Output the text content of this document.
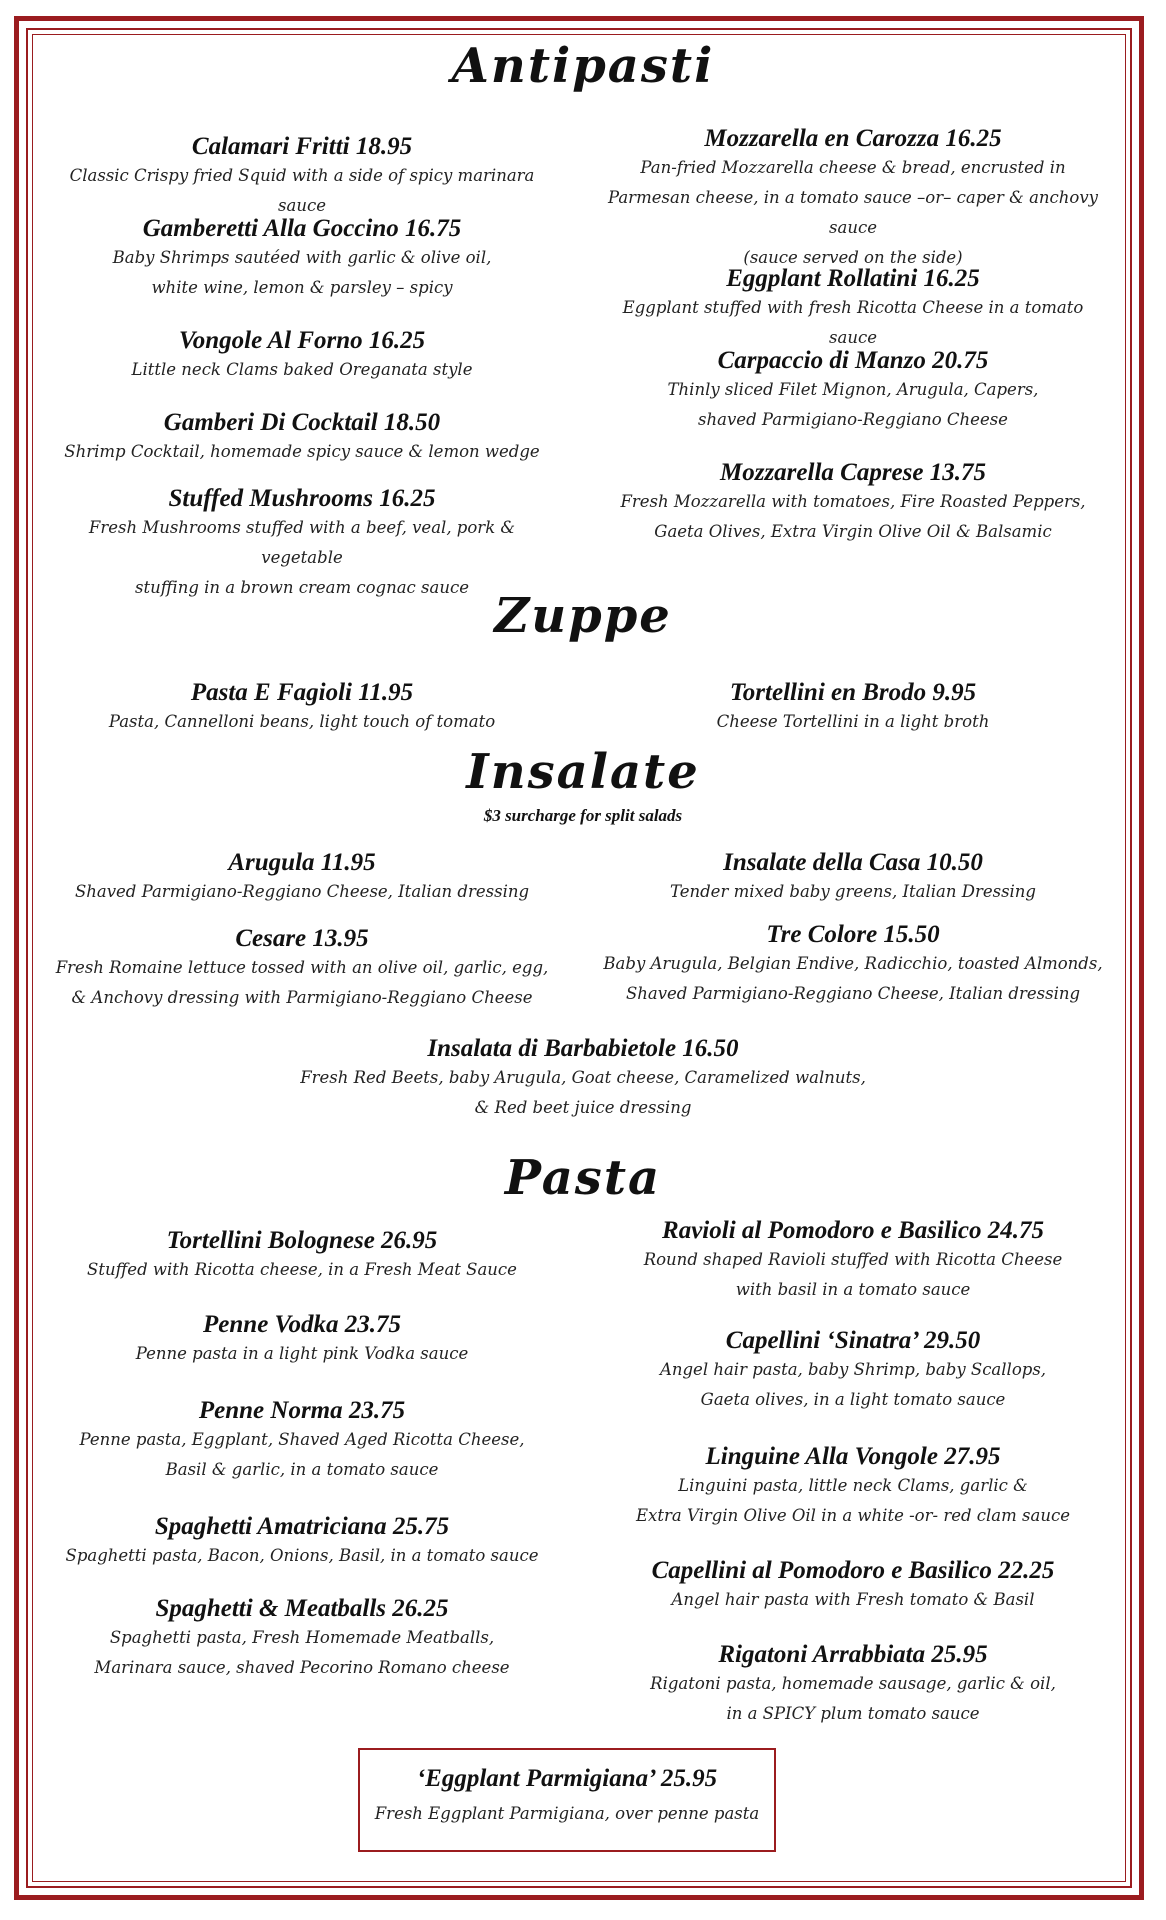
Antipasti
Calamari Fritti 18.95
Classic Crispy fried Squid with a side of spicy marinara sauce
Gamberetti Alla Goccino 16.75
Baby Shrimps sautéed with garlic & olive oil,
white wine, lemon & parsley – spicy
Vongole Al Forno 16.25
Little neck Clams baked Oreganata style
Gamberi Di Cocktail 18.50
Shrimp Cocktail, homemade spicy sauce & lemon wedge
Stuffed Mushrooms 16.25
Fresh Mushrooms stuffed with a beef, veal, pork & vegetable
stuffing in a brown cream cognac sauce
Mozzarella en Carozza 16.25
Pan-fried Mozzarella cheese & bread, encrusted in
Parmesan cheese, in a tomato sauce –or– caper & anchovy sauce
(sauce served on the side)
Eggplant Rollatini 16.25
Eggplant stuffed with fresh Ricotta Cheese in a tomato sauce
Carpaccio di Manzo 20.75
Thinly sliced Filet Mignon, Arugula, Capers,
shaved Parmigiano-Reggiano Cheese
Mozzarella Caprese 13.75
Fresh Mozzarella with tomatoes, Fire Roasted Peppers,
Gaeta Olives, Extra Virgin Olive Oil & Balsamic
Zuppe
Pasta E Fagioli 11.95
Pasta, Cannelloni beans, light touch of tomato
Tortellini en Brodo 9.95
Cheese Tortellini in a light broth
Insalate
$3 surcharge for split salads
Arugula 11.95
Shaved Parmigiano-Reggiano Cheese, Italian dressing
Cesare 13.95
Fresh Romaine lettuce tossed with an olive oil, garlic, egg,
& Anchovy dressing with Parmigiano-Reggiano Cheese
Insalate della Casa 10.50
Tender mixed baby greens, Italian Dressing
Tre Colore 15.50
Baby Arugula, Belgian Endive, Radicchio, toasted Almonds,
Shaved Parmigiano-Reggiano Cheese, Italian dressing
Insalata di Barbabietole 16.50
Fresh Red Beets, baby Arugula, Goat cheese, Caramelized walnuts,
& Red beet juice dressing
Pasta
Tortellini Bolognese 26.95
Stuffed with Ricotta cheese, in a Fresh Meat Sauce
Penne Vodka 23.75
Penne pasta in a light pink Vodka sauce
Penne Norma 23.75
Penne pasta, Eggplant, Shaved Aged Ricotta Cheese,
Basil & garlic, in a tomato sauce
Spaghetti Amatriciana 25.75
Spaghetti pasta, Bacon, Onions, Basil, in a tomato sauce
Spaghetti & Meatballs 26.25
Spaghetti pasta, Fresh Homemade Meatballs,
Marinara sauce, shaved Pecorino Romano cheese
Ravioli al Pomodoro e Basilico 24.75
Round shaped Ravioli stuffed with Ricotta Cheese
with basil in a tomato sauce
Capellini ‘Sinatra’ 29.50
Angel hair pasta, baby Shrimp, baby Scallops,
Gaeta olives, in a light tomato sauce
Linguine Alla Vongole 27.95
Linguini pasta, little neck Clams, garlic &
Extra Virgin Olive Oil in a white -or- red clam sauce
Capellini al Pomodoro e Basilico 22.25
Angel hair pasta with Fresh tomato & Basil
Rigatoni Arrabbiata 25.95
Rigatoni pasta, homemade sausage, garlic & oil,
in a SPICY plum tomato sauce
‘Eggplant Parmigiana’ 25.95
Fresh Eggplant Parmigiana, over penne pasta
